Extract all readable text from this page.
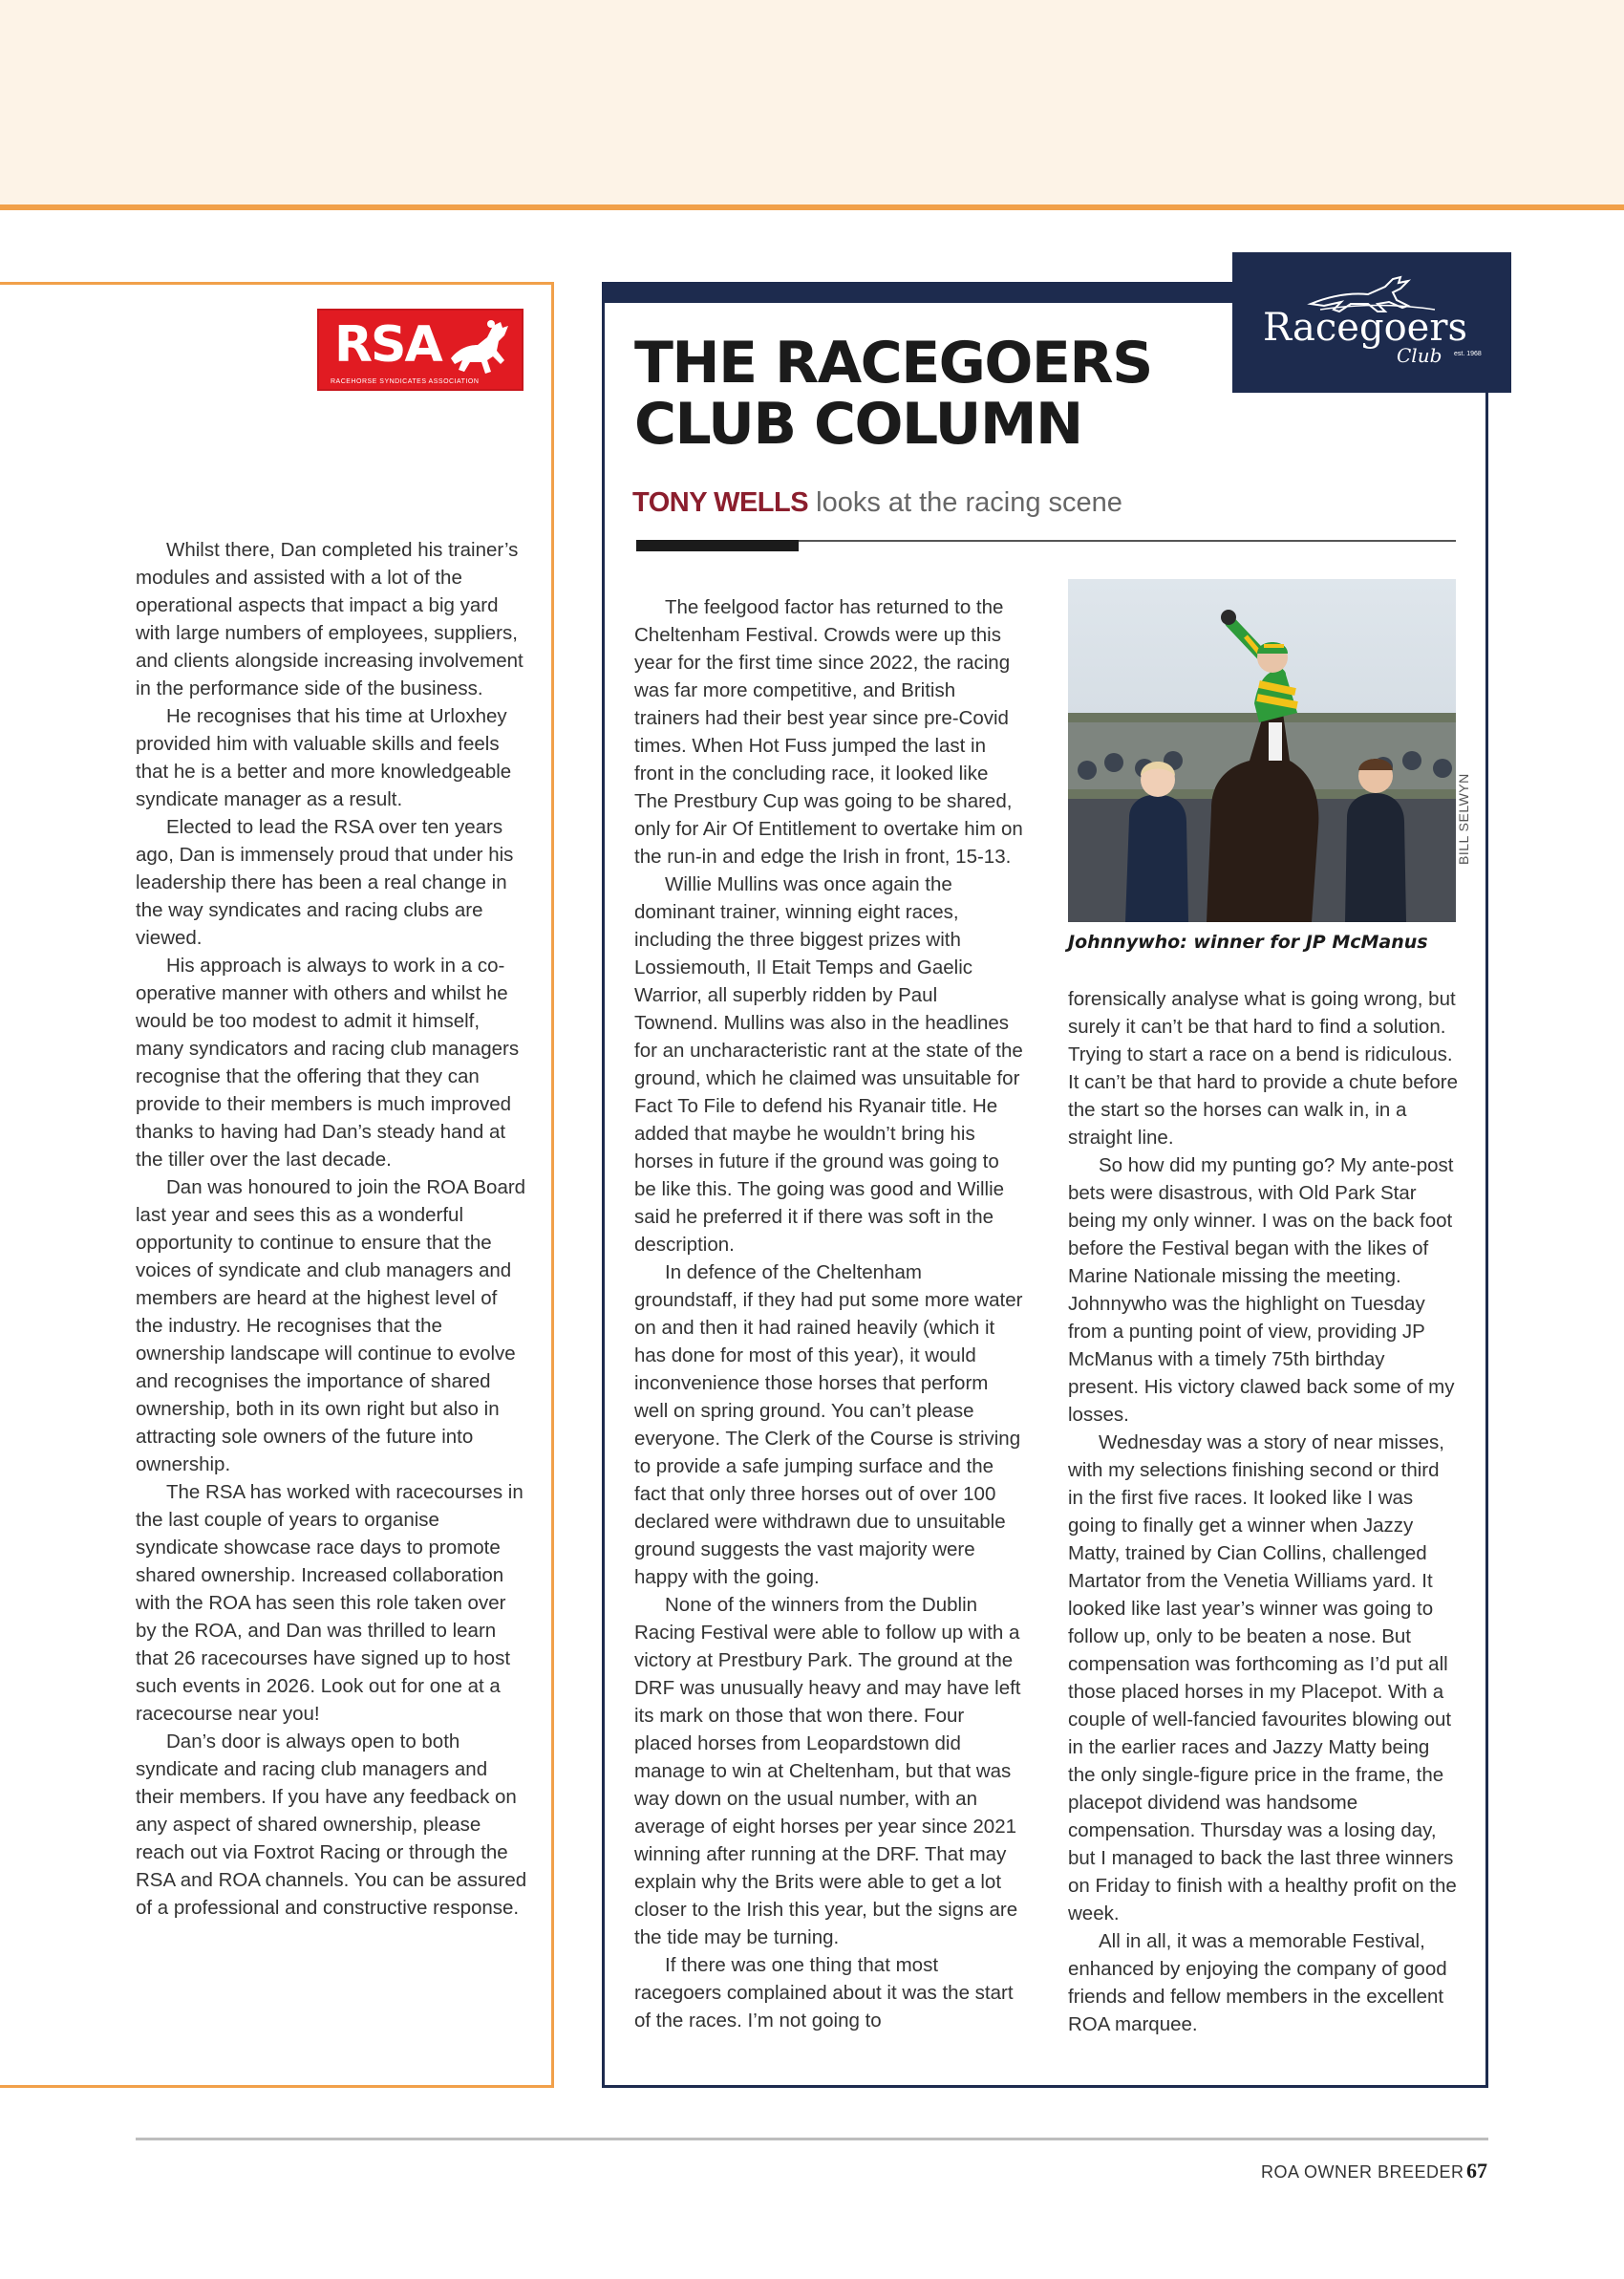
RSA
RACEHORSE SYNDICATES ASSOCIATION

Whilst there, Dan completed his trainer’s modules and assisted with a lot of the operational aspects that impact a big yard with large numbers of employees, suppliers, and clients alongside increasing involvement in the performance side of the business.

He recognises that his time at Urloxhey provided him with valuable skills and feels that he is a better and more knowledgeable syndicate manager as a result.

Elected to lead the RSA over ten years ago, Dan is immensely proud that under his leadership there has been a real change in the way syndicates and racing clubs are viewed.

His approach is always to work in a co-operative manner with others and whilst he would be too modest to admit it himself, many syndicators and racing club managers recognise that the offering that they can provide to their members is much improved thanks to having had Dan’s steady hand at the tiller over the last decade.

Dan was honoured to join the ROA Board last year and sees this as a wonderful opportunity to continue to ensure that the voices of syndicate and club managers and members are heard at the highest level of the industry. He recognises that the ownership landscape will continue to evolve and recognises the importance of shared ownership, both in its own right but also in attracting sole owners of the future into ownership.

The RSA has worked with racecourses in the last couple of years to organise syndicate showcase race days to promote shared ownership. Increased collaboration with the ROA has seen this role taken over by the ROA, and Dan was thrilled to learn that 26 racecourses have signed up to host such events in 2026. Look out for one at a racecourse near you!

Dan’s door is always open to both syndicate and racing club managers and their members. If you have any feedback on any aspect of shared ownership, please reach out via Foxtrot Racing or through the RSA and ROA channels. You can be assured of a professional and constructive response.

Racegoers
Club est. 1968
THE RACEGOERS CLUB COLUMN

TONY WELLS looks at the racing scene

The feelgood factor has returned to the Cheltenham Festival. Crowds were up this year for the first time since 2022, the racing was far more competitive, and British trainers had their best year since pre-Covid times. When Hot Fuss jumped the last in front in the concluding race, it looked like The Prestbury Cup was going to be shared, only for Air Of Entitlement to overtake him on the run-in and edge the Irish in front, 15-13.

Willie Mullins was once again the dominant trainer, winning eight races, including the three biggest prizes with Lossiemouth, Il Etait Temps and Gaelic Warrior, all superbly ridden by Paul Townend. Mullins was also in the headlines for an uncharacteristic rant at the state of the ground, which he claimed was unsuitable for Fact To File to defend his Ryanair title. He added that maybe he wouldn’t bring his horses in future if the ground was going to be like this. The going was good and Willie said he preferred it if there was soft in the description.

In defence of the Cheltenham groundstaff, if they had put some more water on and then it had rained heavily (which it has done for most of this year), it would inconvenience those horses that perform well on spring ground. You can’t please everyone. The Clerk of the Course is striving to provide a safe jumping surface and the fact that only three horses out of over 100 declared were withdrawn due to unsuitable ground suggests the vast majority were happy with the going.

None of the winners from the Dublin Racing Festival were able to follow up with a victory at Prestbury Park. The ground at the DRF was unusually heavy and may have left its mark on those that won there. Four placed horses from Leopardstown did manage to win at Cheltenham, but that was way down on the usual number, with an average of eight horses per year since 2021 winning after running at the DRF. That may explain why the Brits were able to get a lot closer to the Irish this year, but the signs are the tide may be turning.

If there was one thing that most racegoers complained about it was the start of the races. I’m not going to

BILL SELWYN

Johnnywho: winner for JP McManus

forensically analyse what is going wrong, but surely it can’t be that hard to find a solution. Trying to start a race on a bend is ridiculous. It can’t be that hard to provide a chute before the start so the horses can walk in, in a straight line.

So how did my punting go? My ante-post bets were disastrous, with Old Park Star being my only winner. I was on the back foot before the Festival began with the likes of Marine Nationale missing the meeting. Johnnywho was the highlight on Tuesday from a punting point of view, providing JP McManus with a timely 75th birthday present. His victory clawed back some of my losses.

Wednesday was a story of near misses, with my selections finishing second or third in the first five races. It looked like I was going to finally get a winner when Jazzy Matty, trained by Cian Collins, challenged Martator from the Venetia Williams yard. It looked like last year’s winner was going to follow up, only to be beaten a nose. But compensation was forthcoming as I’d put all those placed horses in my Placepot. With a couple of well-fancied favourites blowing out in the earlier races and Jazzy Matty being the only single-figure price in the frame, the placepot dividend was handsome compensation. Thursday was a losing day, but I managed to back the last three winners on Friday to finish with a healthy profit on the week.

All in all, it was a memorable Festival, enhanced by enjoying the company of good friends and fellow members in the excellent ROA marquee.

ROA OWNER BREEDER 67
